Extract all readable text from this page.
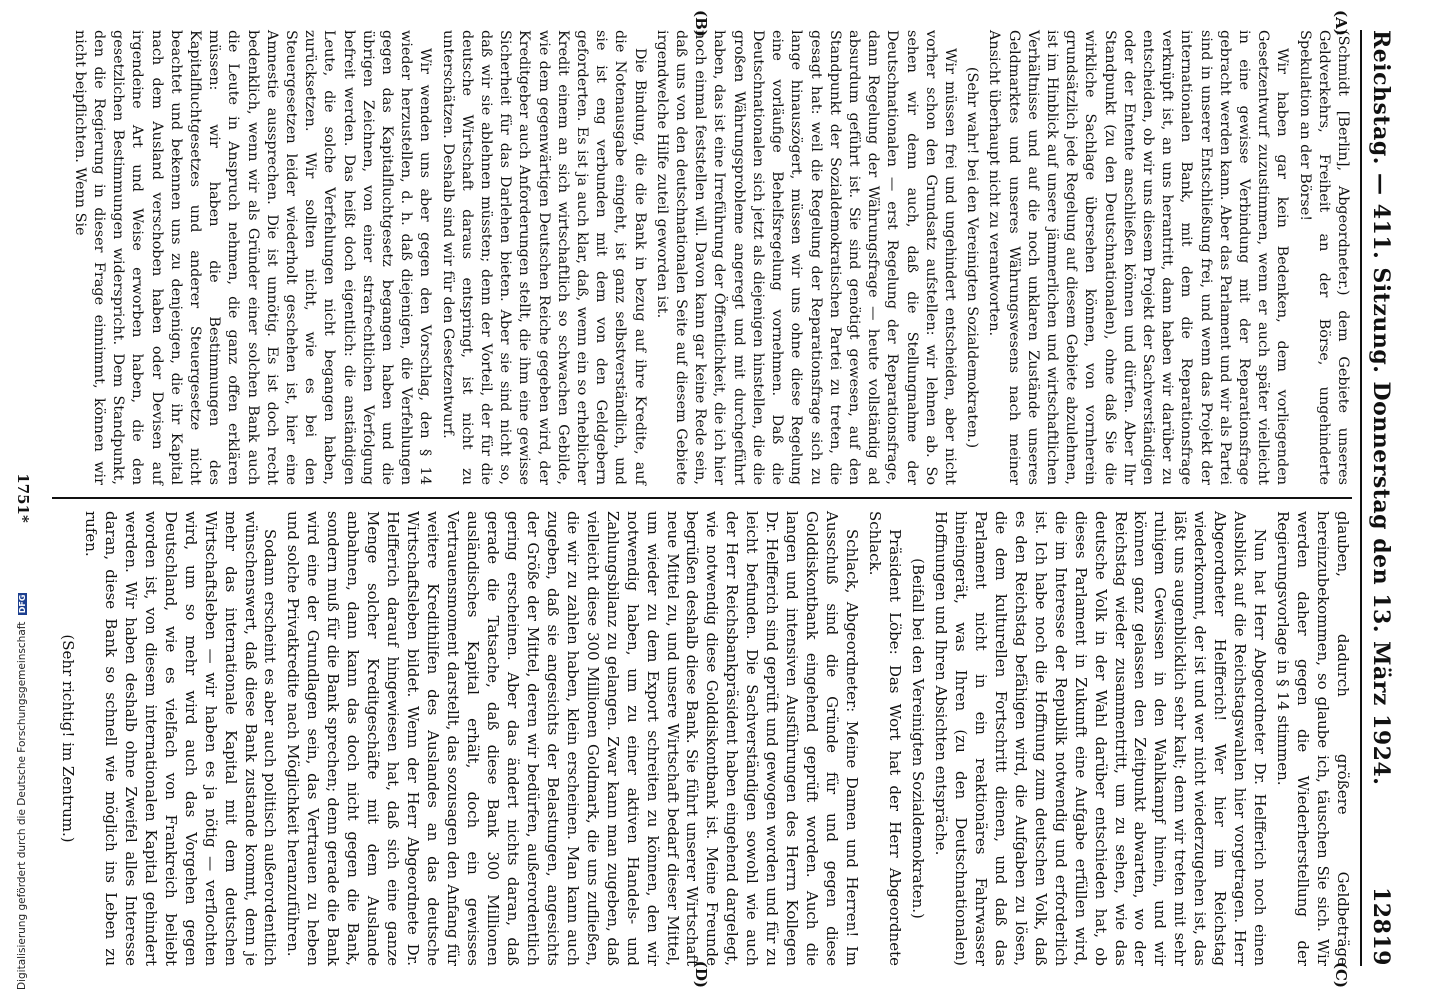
Reichstag. — 411. Sitzung. Donnerstag den 13. März 1924.
12819
(A)
(B)
(C)
(D)

(Schmidt [Berlin], Abgeordneter.) dem Gebiete unseres Geldverkehrs, Freiheit an der Börse, ungehinderte Spekulation an der Börse!

Wir haben gar kein Bedenken, dem vorliegenden Gesetzentwurf zuzustimmen, wenn er auch später vielleicht in eine gewisse Verbindung mit der Reparationsfrage gebracht werden kann. Aber das Parlament und wir als Partei sind in unserer Entschließung frei, und wenn das Projekt der internationalen Bank, mit dem die Reparationsfrage verknüpft ist, an uns herantritt, dann haben wir darüber zu entscheiden, ob wir uns diesem Projekt der Sachverständigen oder der Entente anschließen können und dürfen. Aber Ihr Standpunkt (zu den Deutschnationalen), ohne daß Sie die wirkliche Sachlage übersehen können, von vornherein grundsätzlich jede Regelung auf diesem Gebiete abzulehnen, ist im Hinblick auf unsere jämmerlichen und wirtschaftlichen Verhältnisse und auf die noch unklaren Zustände unseres Geldmarktes und unseres Währungswesens nach meiner Ansicht überhaupt nicht zu verantworten.

(Sehr wahr! bei den Vereinigten Sozialdemokraten.)

Wir müssen frei und ungehindert entscheiden, aber nicht vorher schon den Grundsatz aufstellen: wir lehnen ab. So sehen wir denn auch, daß die Stellungnahme der Deutschnationalen — erst Regelung der Reparationsfrage, dann Regelung der Währungsfrage — heute vollständig ad absurdum geführt ist. Sie sind genötigt gewesen, auf den Standpunkt der Sozialdemokratischen Partei zu treten, die gesagt hat: weil die Regelung der Reparationsfrage sich zu lange hinauszögert, müssen wir uns ohne diese Regelung eine vorläufige Behelfsregelung vornehmen. Daß die Deutschnationalen sich jetzt als diejenigen hinstellen, die die großen Währungsprobleme angeregt und mit durchgeführt haben, das ist eine Irreführung der Öffentlichkeit, die ich hier noch einmal feststellen will. Davon kann gar keine Rede sein, daß uns von den deutschnationalen Seite auf diesem Gebiete irgendwelche Hilfe zuteil geworden ist.

Die Bindung, die die Bank in bezug auf ihre Kredite, auf die Notenausgabe eingeht, ist ganz selbstverständlich, und sie ist eng verbunden mit dem von den Geldgebern geforderten. Es ist ja auch klar, daß, wenn ein so erheblicher Kredit einem an sich wirtschaftlich so schwachen Gebilde, wie dem gegenwärtigen Deutschen Reiche gegeben wird, der Kreditgeber auch Anforderungen stellt, die ihm eine gewisse Sicherheit für das Darlehen bieten. Aber sie sind nicht so, daß wir sie ablehnen müssten; denn der Vorteil, der für die deutsche Wirtschaft daraus entspringt, ist nicht zu unterschätzen. Deshalb sind wir für den Gesetzentwurf.

Wir wenden uns aber gegen den Vorschlag, den § 14 wieder herzustellen, d. h. daß diejenigen, die Verfehlungen gegen das Kapitalfluchtgesetz begangen haben und die übrigen Zeichnen, von einer strafrechtlichen Verfolgung befreit werden. Das heißt doch eigentlich: die anständigen Leute, die solche Verfehlungen nicht begangen haben, zurücksetzen. Wir sollten nicht, wie es bei den Steuergesetzen leider wiederholt geschehen ist, hier eine Amnestie aussprechen. Die ist unnötig. Es ist doch recht bedenklich, wenn wir als Gründer einer solchen Bank auch die Leute in Anspruch nehmen, die ganz offen erklären müssen: wir haben die Bestimmungen des Kapitalfluchtgesetzes und anderer Steuergesetze nicht beachtet und bekennen uns zu denjenigen, die ihr Kapital nach dem Ausland verschoben haben oder Devisen auf irgendeine Art und Weise erworben haben, die den gesetzlichen Bestimmungen widerspricht. Dem Standpunkt, den die Regierung in dieser Frage einnimmt, können wir nicht beipflichten. Wenn Sie

glauben, dadurch größere Geldbeträge hereinzubekommen, so glaube ich, täuschen Sie sich. Wir werden daher gegen die Wiederherstellung der Regierungsvorlage in § 14 stimmen.

Nun hat Herr Abgeordneter Dr. Helfferich noch einen Ausblick auf die Reichstagswahlen hier vorgetragen. Herr Abgeordneter Helfferich! Wer hier im Reichstag wiederkommt, der ist und wer nicht wiederzugehen ist, das läßt uns augenblicklich sehr kalt; denn wir treten mit sehr ruhigem Gewissen in den Wahlkampf hinein, und wir können ganz gelassen den Zeitpunkt abwarten, wo der Reichstag wieder zusammentritt, um zu sehen, wie das deutsche Volk in der Wahl darüber entschieden hat, ob dieses Parlament in Zukunft eine Aufgabe erfüllen wird, die im Interesse der Republik notwendig und erforderlich ist. Ich habe noch die Hoffnung zum deutschen Volk, daß es den Reichstag befähigen wird, die Aufgaben zu lösen, die dem kulturellen Fortschritt dienen, und daß das Parlament nicht in ein reaktionäres Fahrwasser hineingerät, was Ihren (zu den Deutschnationalen) Hoffnungen und Ihren Absichten entspräche.

(Beifall bei den Vereinigten Sozialdemokraten.)

Präsident Löbe: Das Wort hat der Herr Abgeordnete Schlack.

Schlack, Abgeordneter: Meine Damen und Herren! Im Ausschuß sind die Gründe für und gegen diese Golddiskontbank eingehend geprüft worden. Auch die langen und intensiven Ausführungen des Herrn Kollegen Dr. Helfferich sind geprüft und gewogen worden und für zu leicht befunden. Die Sachverständigen sowohl wie auch der Herr Reichsbankpräsident haben eingehend dargelegt, wie notwendig diese Golddiskontbank ist. Meine Freunde begrüßen deshalb diese Bank. Sie führt unserer Wirtschaft neue Mittel zu, und unsere Wirtschaft bedarf dieser Mittel, um wieder zu dem Export schreiten zu können, den wir notwendig haben, um zu einer aktiven Handels- und Zahlungsbilanz zu gelangen. Zwar kann man zugeben, daß vielleicht diese 300 Millionen Goldmark, die uns zufließen, die wir zu zahlen haben, klein erscheinen. Man kann auch zugeben, daß sie angesichts der Belastungen, angesichts der Größe der Mittel, deren wir bedürfen, außerordentlich gering erscheinen. Aber das ändert nichts daran, daß gerade die Tatsache, daß diese Bank 300 Millionen ausländisches Kapital erhält, doch ein gewisses Vertrauensmoment darstellt, das sozusagen den Anfang für weitere Kredithilfen des Auslandes an das deutsche Wirtschaftsleben bildet. Wenn der Herr Abgeordnete Dr. Helfferich darauf hingewiesen hat, daß sich eine ganze Menge solcher Kreditgeschäfte mit dem Auslande anbahnen, dann kann das doch nicht gegen die Bank, sondern muß für die Bank sprechen; denn gerade die Bank wird eine der Grundlagen sein, das Vertrauen zu heben und solche Privatkredite nach Möglichkeit heranzuführen.

Sodann erscheint es aber auch politisch außerordentlich wünschenswert, daß diese Bank zustande kommt, denn je mehr das internationale Kapital mit dem deutschen Wirtschaftsleben — wir haben es ja nötig — verflochten wird, um so mehr wird auch das Vorgehen gegen Deutschland, wie es vielfach von Frankreich beliebt worden ist, von diesem internationalen Kapital gehindert werden. Wir haben deshalb ohne Zweifel alles Interesse daran, diese Bank so schnell wie möglich ins Leben zu rufen.

(Sehr richtig! im Zentrum.)

1751*
Digitalisierung gefördert durch die Deutsche Forschungsgemeinschaft DFG
